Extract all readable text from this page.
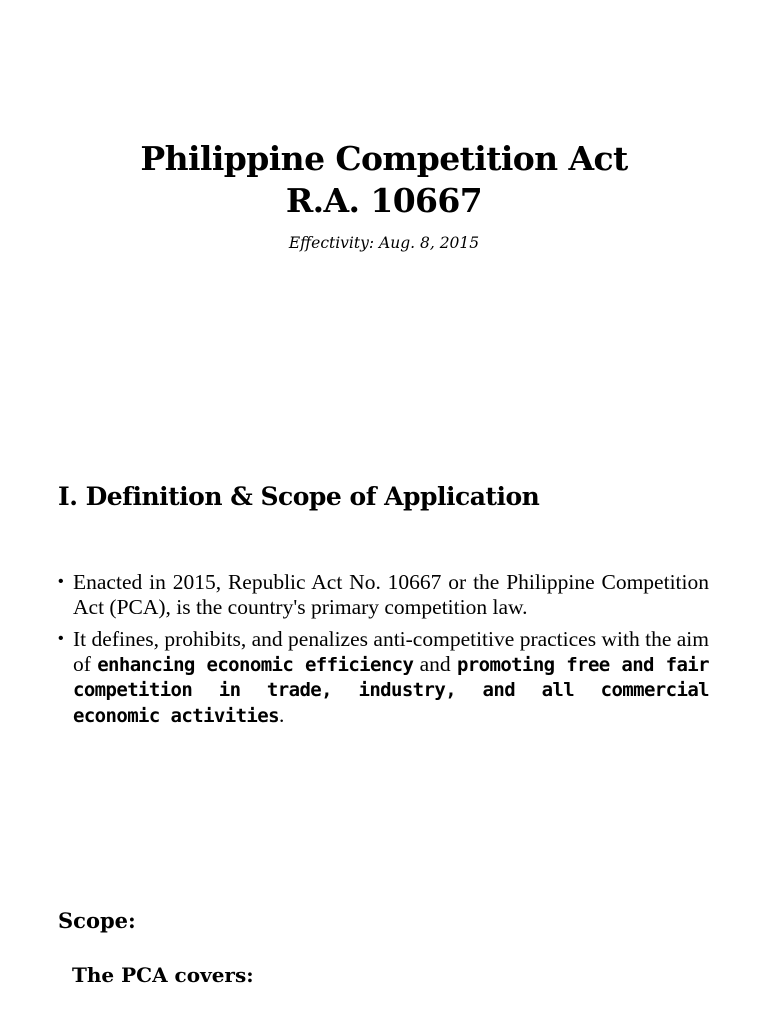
Philippine Competition Act
R.A. 10667
Effectivity: Aug. 8, 2015
I. Definition & Scope of Application
• Enacted in 2015, Republic Act No. 10667 or the Philippine Competition Act (PCA), is the country's primary competition law.
• It defines, prohibits, and penalizes anti-competitive practices with the aim of enhancing economic efficiency and promoting free and fair competition in trade, industry, and all commercial economic activities.
Scope:
The PCA covers:
